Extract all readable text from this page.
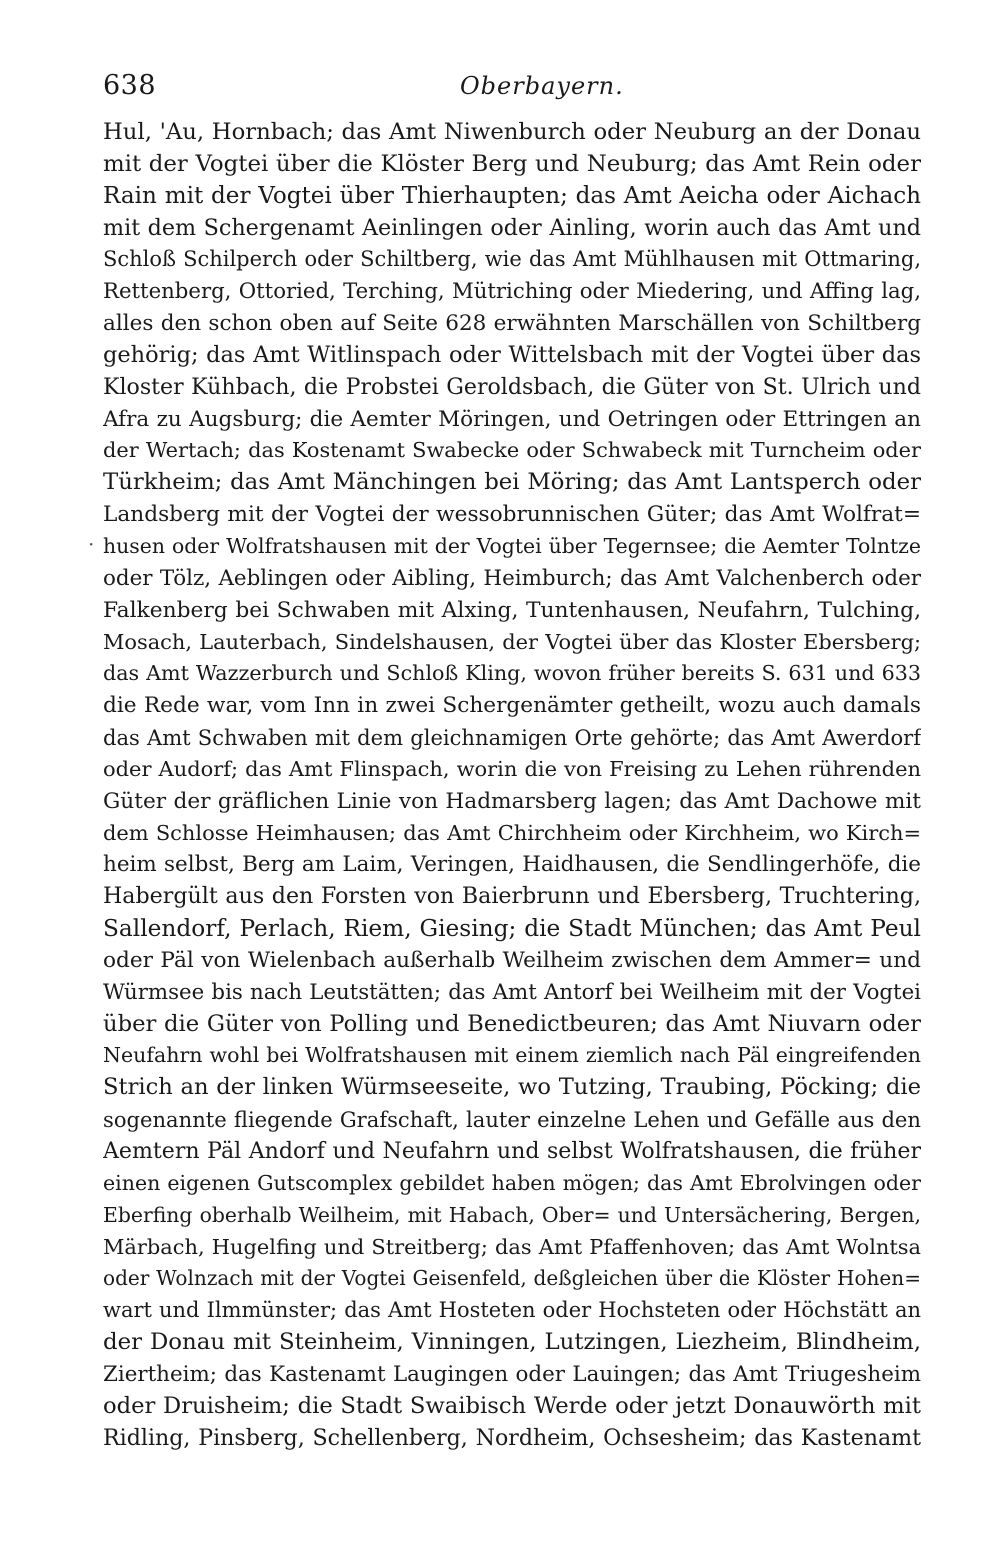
638	Oberbayern.
·
Hul, 'Au, Hornbach; das Amt Niwenburch oder Neuburg an der Donau
mit der Vogtei über die Klöster Berg und Neuburg; das Amt Rein oder
Rain mit der Vogtei über Thierhaupten; das Amt Aeicha oder Aichach
mit dem Schergenamt Aeinlingen oder Ainling, worin auch das Amt und
Schloß Schilperch oder Schiltberg, wie das Amt Mühlhausen mit Ottmaring,
Rettenberg, Ottoried, Terching, Mütriching oder Miedering, und Affing lag,
alles den schon oben auf Seite 628 erwähnten Marschällen von Schiltberg
gehörig; das Amt Witlinspach oder Wittelsbach mit der Vogtei über das
Kloster Kühbach, die Probstei Geroldsbach, die Güter von St. Ulrich und
Afra zu Augsburg; die Aemter Möringen, und Oetringen oder Ettringen an
der Wertach; das Kostenamt Swabecke oder Schwabeck mit Turncheim oder
Türkheim; das Amt Mänchingen bei Möring; das Amt Lantsperch oder
Landsberg mit der Vogtei der wessobrunnischen Güter; das Amt Wolfrat=
husen oder Wolfratshausen mit der Vogtei über Tegernsee; die Aemter Tolntze
oder Tölz, Aeblingen oder Aibling, Heimburch; das Amt Valchenberch oder
Falkenberg bei Schwaben mit Alxing, Tuntenhausen, Neufahrn, Tulching,
Mosach, Lauterbach, Sindelshausen, der Vogtei über das Kloster Ebersberg;
das Amt Wazzerburch und Schloß Kling, wovon früher bereits S. 631 und 633
die Rede war, vom Inn in zwei Schergenämter getheilt, wozu auch damals
das Amt Schwaben mit dem gleichnamigen Orte gehörte; das Amt Awerdorf
oder Audorf; das Amt Flinspach, worin die von Freising zu Lehen rührenden
Güter der gräflichen Linie von Hadmarsberg lagen; das Amt Dachowe mit
dem Schlosse Heimhausen; das Amt Chirchheim oder Kirchheim, wo Kirch=
heim selbst, Berg am Laim, Veringen, Haidhausen, die Sendlingerhöfe, die
Habergült aus den Forsten von Baierbrunn und Ebersberg, Truchtering,
Sallendorf, Perlach, Riem, Giesing; die Stadt München; das Amt Peul
oder Päl von Wielenbach außerhalb Weilheim zwischen dem Ammer= und
Würmsee bis nach Leutstätten; das Amt Antorf bei Weilheim mit der Vogtei
über die Güter von Polling und Benedictbeuren; das Amt Niuvarn oder
Neufahrn wohl bei Wolfratshausen mit einem ziemlich nach Päl eingreifenden
Strich an der linken Würmseeseite, wo Tutzing, Traubing, Pöcking; die
sogenannte fliegende Grafschaft, lauter einzelne Lehen und Gefälle aus den
Aemtern Päl Andorf und Neufahrn und selbst Wolfratshausen, die früher
einen eigenen Gutscomplex gebildet haben mögen; das Amt Ebrolvingen oder
Eberfing oberhalb Weilheim, mit Habach, Ober= und Untersächering, Bergen,
Märbach, Hugelfing und Streitberg; das Amt Pfaffenhoven; das Amt Wolntsa
oder Wolnzach mit der Vogtei Geisenfeld, deßgleichen über die Klöster Hohen=
wart und Ilmmünster; das Amt Hosteten oder Hochsteten oder Höchstätt an
der Donau mit Steinheim, Vinningen, Lutzingen, Liezheim, Blindheim,
Ziertheim; das Kastenamt Laugingen oder Lauingen; das Amt Triugesheim
oder Druisheim; die Stadt Swaibisch Werde oder jetzt Donauwörth mit
Ridling, Pinsberg, Schellenberg, Nordheim, Ochsesheim; das Kastenamt
